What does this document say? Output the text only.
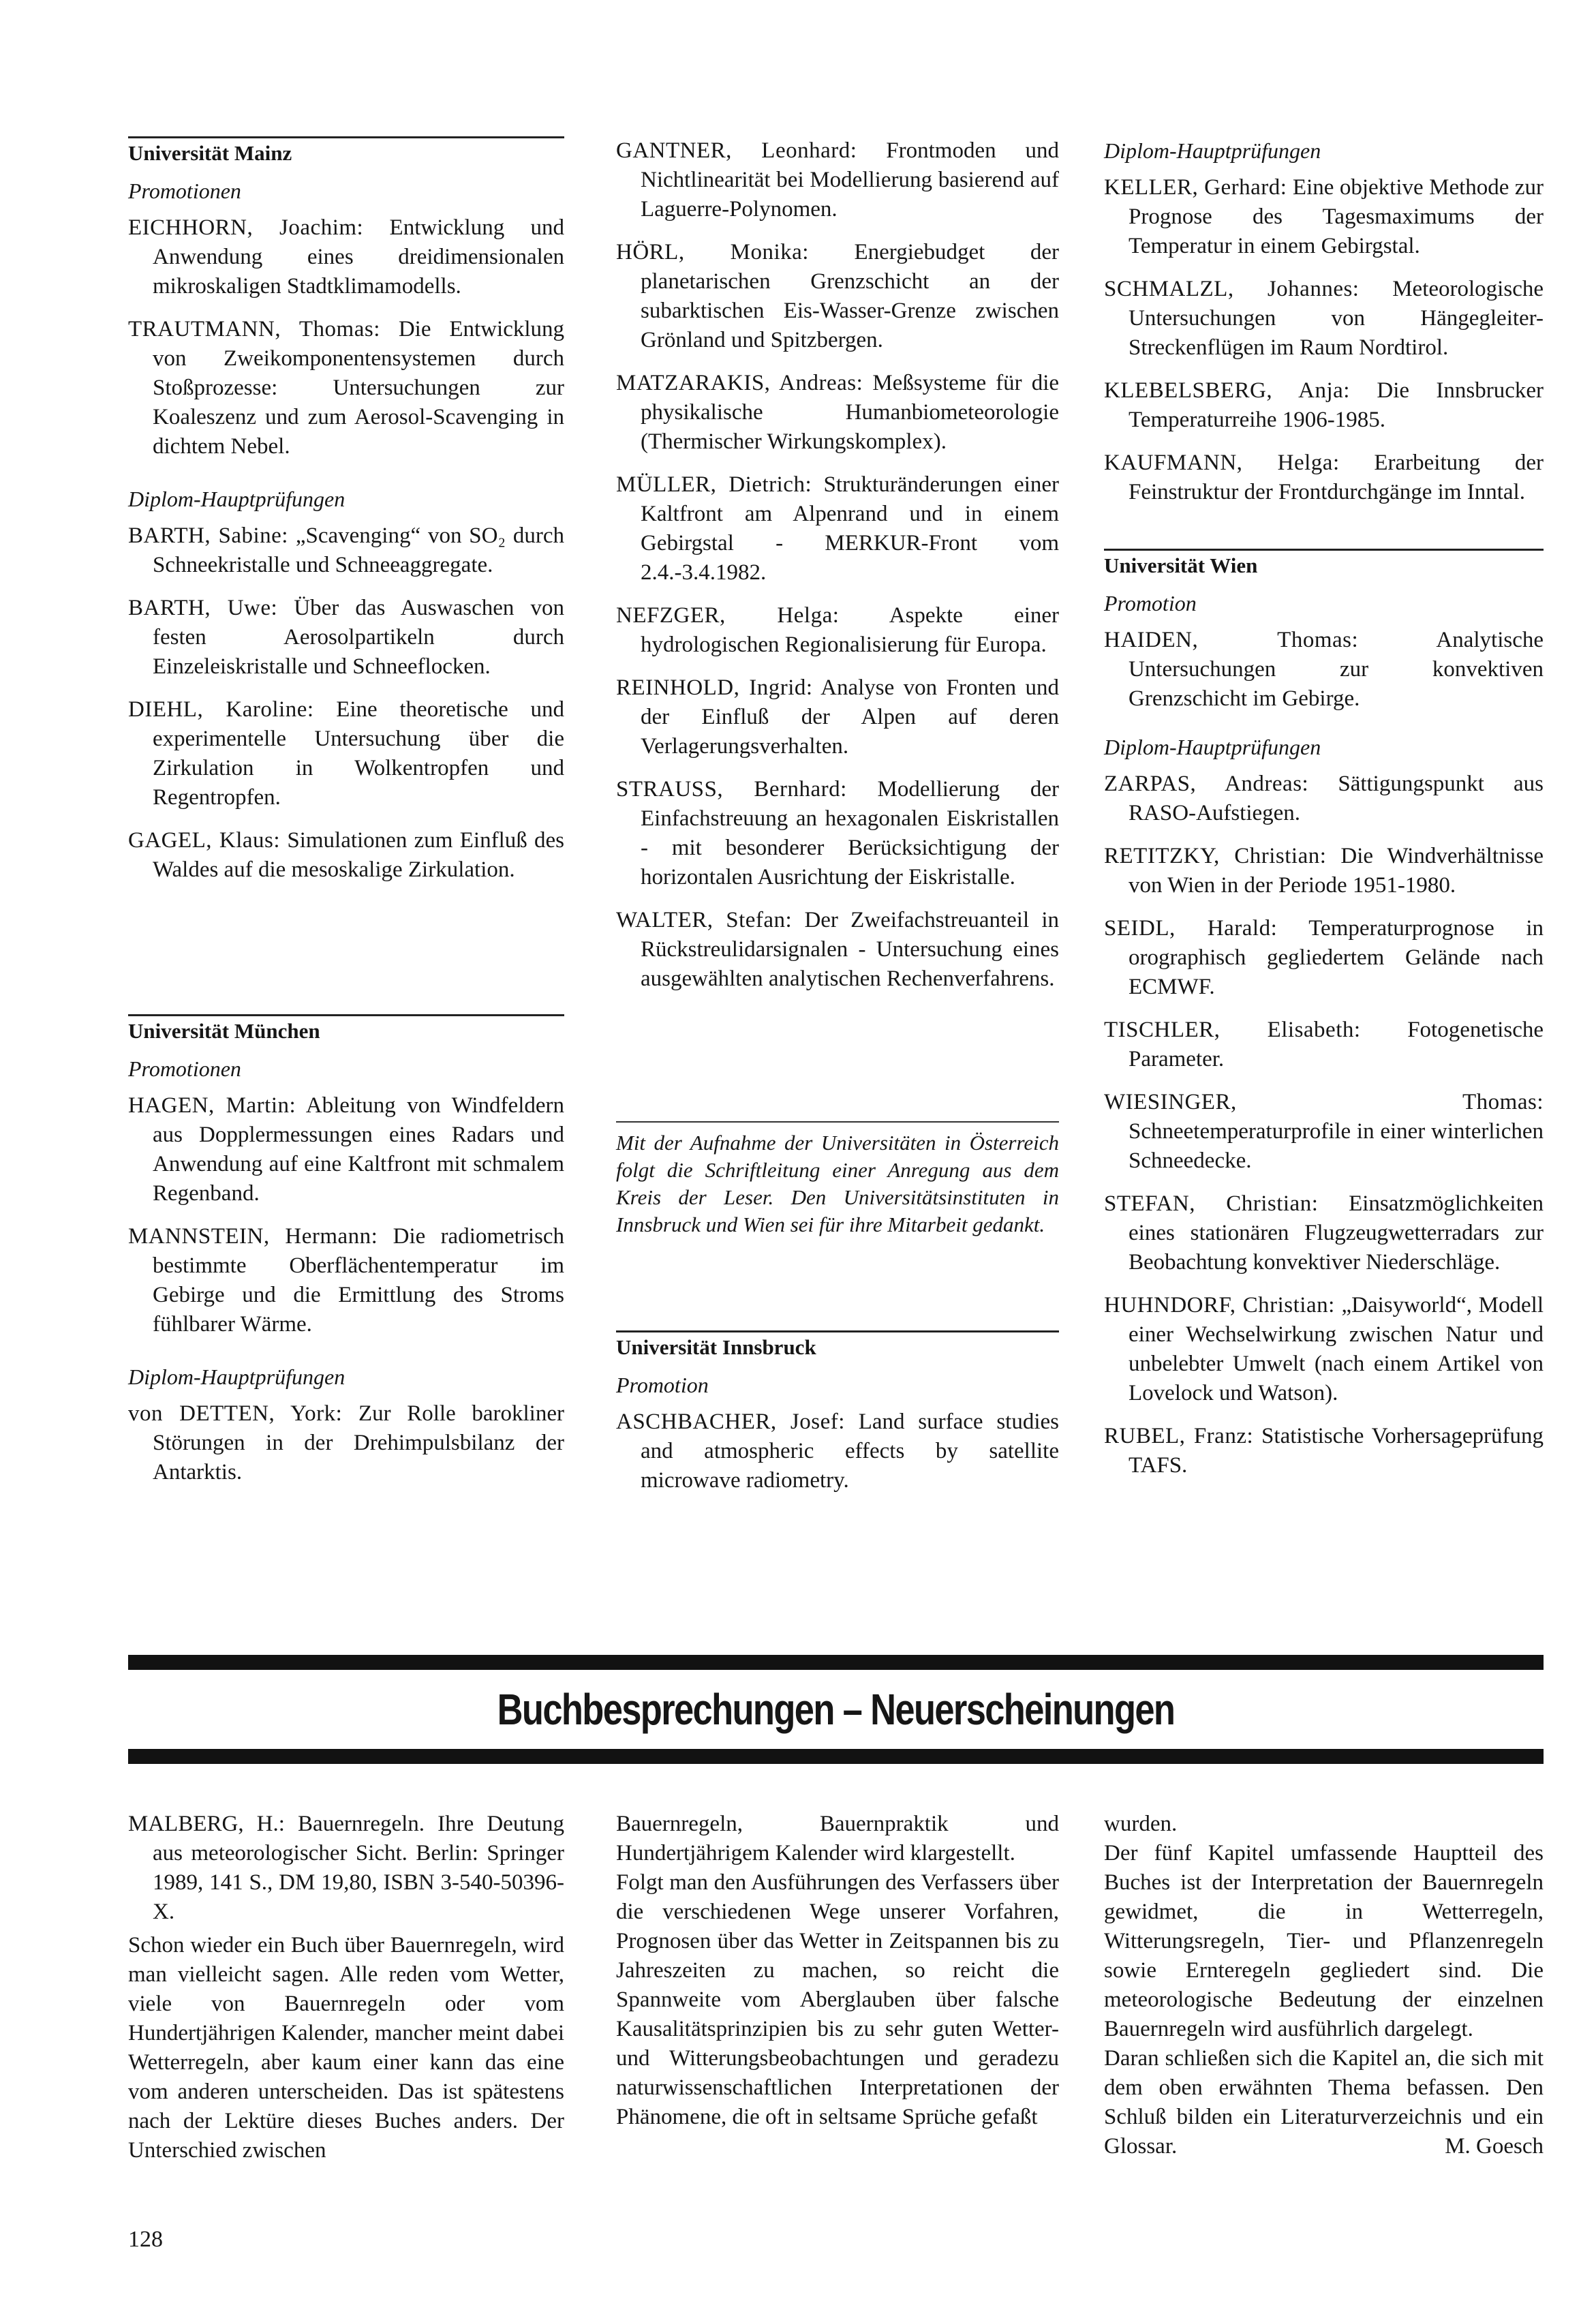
Universität Mainz
Promotionen

EICHHORN, Joachim: Entwicklung und Anwendung eines dreidimensionalen mikroskaligen Stadtklimamodells.

TRAUTMANN, Thomas: Die Entwicklung von Zweikomponentensystemen durch Stoßprozesse: Untersuchungen zur Koaleszenz und zum Aerosol-Scavenging in dichtem Nebel.

Diplom-Hauptprüfungen

BARTH, Sabine: „Scavenging“ von SO₂ durch Schneekristalle und Schneeaggregate.

BARTH, Uwe: Über das Auswaschen von festen Aerosolpartikeln durch Einzeleiskristalle und Schneeflocken.

DIEHL, Karoline: Eine theoretische und experimentelle Untersuchung über die Zirkulation in Wolkentropfen und Regentropfen.

GAGEL, Klaus: Simulationen zum Einfluß des Waldes auf die mesoskalige Zirkulation.

Universität München
Promotionen

HAGEN, Martin: Ableitung von Windfeldern aus Dopplermessungen eines Radars und Anwendung auf eine Kaltfront mit schmalem Regenband.

MANNSTEIN, Hermann: Die radiometrisch bestimmte Oberflächentemperatur im Gebirge und die Ermittlung des Stroms fühlbarer Wärme.

Diplom-Hauptprüfungen

von DETTEN, York: Zur Rolle barokliner Störungen in der Drehimpulsbilanz der Antarktis.

GANTNER, Leonhard: Frontmoden und Nichtlinearität bei Modellierung basierend auf Laguerre-Polynomen.

HÖRL, Monika: Energiebudget der planetarischen Grenzschicht an der subarktischen Eis-Wasser-Grenze zwischen Grönland und Spitzbergen.

MATZARAKIS, Andreas: Meßsysteme für die physikalische Humanbiometeorologie (Thermischer Wirkungskomplex).

MÜLLER, Dietrich: Strukturänderungen einer Kaltfront am Alpenrand und in einem Gebirgstal - MERKUR-Front vom 2.4.-3.4.1982.

NEFZGER, Helga: Aspekte einer hydrologischen Regionalisierung für Europa.

REINHOLD, Ingrid: Analyse von Fronten und der Einfluß der Alpen auf deren Verlagerungsverhalten.

STRAUSS, Bernhard: Modellierung der Einfachstreuung an hexagonalen Eiskristallen - mit besonderer Berücksichtigung der horizontalen Ausrichtung der Eiskristalle.

WALTER, Stefan: Der Zweifachstreuanteil in Rückstreulidarsignalen - Untersuchung eines ausgewählten analytischen Rechenverfahrens.

Mit der Aufnahme der Universitäten in Österreich folgt die Schriftleitung einer Anregung aus dem Kreis der Leser. Den Universitätsinstituten in Innsbruck und Wien sei für ihre Mitarbeit gedankt.

Universität Innsbruck
Promotion

ASCHBACHER, Josef: Land surface studies and atmospheric effects by satellite microwave radiometry.

Diplom-Hauptprüfungen

KELLER, Gerhard: Eine objektive Methode zur Prognose des Tagesmaximums der Temperatur in einem Gebirgstal.

SCHMALZL, Johannes: Meteorologische Untersuchungen von Hängegleiter-Streckenflügen im Raum Nordtirol.

KLEBELSBERG, Anja: Die Innsbrucker Temperaturreihe 1906-1985.

KAUFMANN, Helga: Erarbeitung der Feinstruktur der Frontdurchgänge im Inntal.

Universität Wien
Promotion

HAIDEN, Thomas:	Analytische Untersuchungen zur konvektiven Grenzschicht im Gebirge.

Diplom-Hauptprüfungen

ZARPAS, Andreas: Sättigungspunkt aus RASO-Aufstiegen.

RETITZKY, Christian: Die Windverhältnisse von Wien in der Periode 1951-1980.

SEIDL, Harald: Temperaturprognose in orographisch gegliedertem Gelände nach ECMWF.

TISCHLER, Elisabeth: Fotogenetische Parameter.

WIESINGER, Thomas: Schneetemperaturprofile in einer winterlichen Schneedecke.

STEFAN, Christian: Einsatzmöglichkeiten eines stationären Flugzeugwetterradars zur Beobachtung konvektiver Niederschläge.

HUHNDORF, Christian: „Daisyworld“, Modell einer Wechselwirkung zwischen Natur und unbelebter Umwelt (nach einem Artikel von Lovelock und Watson).

RUBEL, Franz: Statistische Vorhersageprüfung TAFS.

Buchbesprechungen – Neuerscheinungen

MALBERG, H.: Bauernregeln. Ihre Deutung aus meteorologischer Sicht. Berlin: Springer 1989, 141 S., DM 19,80, ISBN 3-540-50396-X.

Schon wieder ein Buch über Bauernregeln, wird man vielleicht sagen. Alle reden vom Wetter, viele von Bauernregeln oder vom Hundertjährigen Kalender, mancher meint dabei Wetterregeln, aber kaum einer kann das eine vom anderen unterscheiden. Das ist spätestens nach der Lektüre dieses Buches anders. Der Unterschied zwischen

Bauernregeln, Bauernpraktik und Hundertjährigem Kalender wird klargestellt.

Folgt man den Ausführungen des Verfassers über die verschiedenen Wege unserer Vorfahren, Prognosen über das Wetter in Zeitspannen bis zu Jahreszeiten zu machen, so reicht die Spannweite vom Aberglauben über falsche Kausalitätsprinzipien bis zu sehr guten Wetter- und Witterungsbeobachtungen und geradezu naturwissenschaftlichen Interpretationen der Phänomene, die oft in seltsame Sprüche gefaßt

wurden.

Der fünf Kapitel umfassende Hauptteil des Buches ist der Interpretation der Bauernregeln gewidmet, die in Wetterregeln, Witterungsregeln, Tier- und Pflanzenregeln sowie Ernteregeln gegliedert sind. Die meteorologische Bedeutung der einzelnen Bauernregeln wird ausführlich dargelegt.

Daran schließen sich die Kapitel an, die sich mit dem oben erwähnten Thema befassen. Den Schluß bilden ein Literaturverzeichnis und ein Glossar.	M. Goesch

128
